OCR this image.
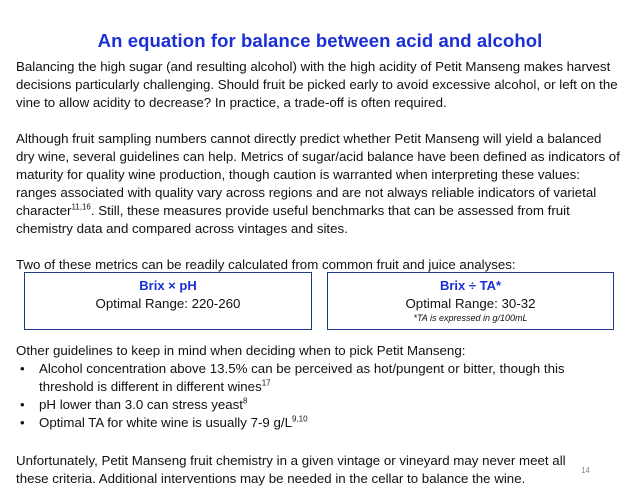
An equation for balance between acid and alcohol
Balancing the high sugar (and resulting alcohol) with the high acidity of Petit Manseng makes harvest decisions particularly challenging. Should fruit be picked early to avoid excessive alcohol, or left on the vine to allow acidity to decrease? In practice, a trade-off is often required.
Although fruit sampling numbers cannot directly predict whether Petit Manseng will yield a balanced dry wine, several guidelines can help. Metrics of sugar/acid balance have been defined as indicators of maturity for quality wine production, though caution is warranted when interpreting these values: ranges associated with quality vary across regions and are not always reliable indicators of varietal character$^{11,16}$. Still, these measures provide useful benchmarks that can be assessed from fruit chemistry data and compared across vintages and sites.
Two of these metrics can be readily calculated from common fruit and juice analyses:
Brix × pH
Optimal Range: 220-260
Brix ÷ TA*
Optimal Range: 30-32
*TA is expressed in g/100mL
Other guidelines to keep in mind when deciding when to pick Petit Manseng:
• Alcohol concentration above 13.5% can be perceived as hot/pungent or bitter, though this threshold is different in different wines$^{17}$
• pH lower than 3.0 can stress yeast$^8$
• Optimal TA for white wine is usually 7-9 $g/L^{9,10}$
Unfortunately, Petit Manseng fruit chemistry in a given vintage or vineyard may never meet all these criteria. Additional interventions may be needed in the cellar to balance the wine.
14
